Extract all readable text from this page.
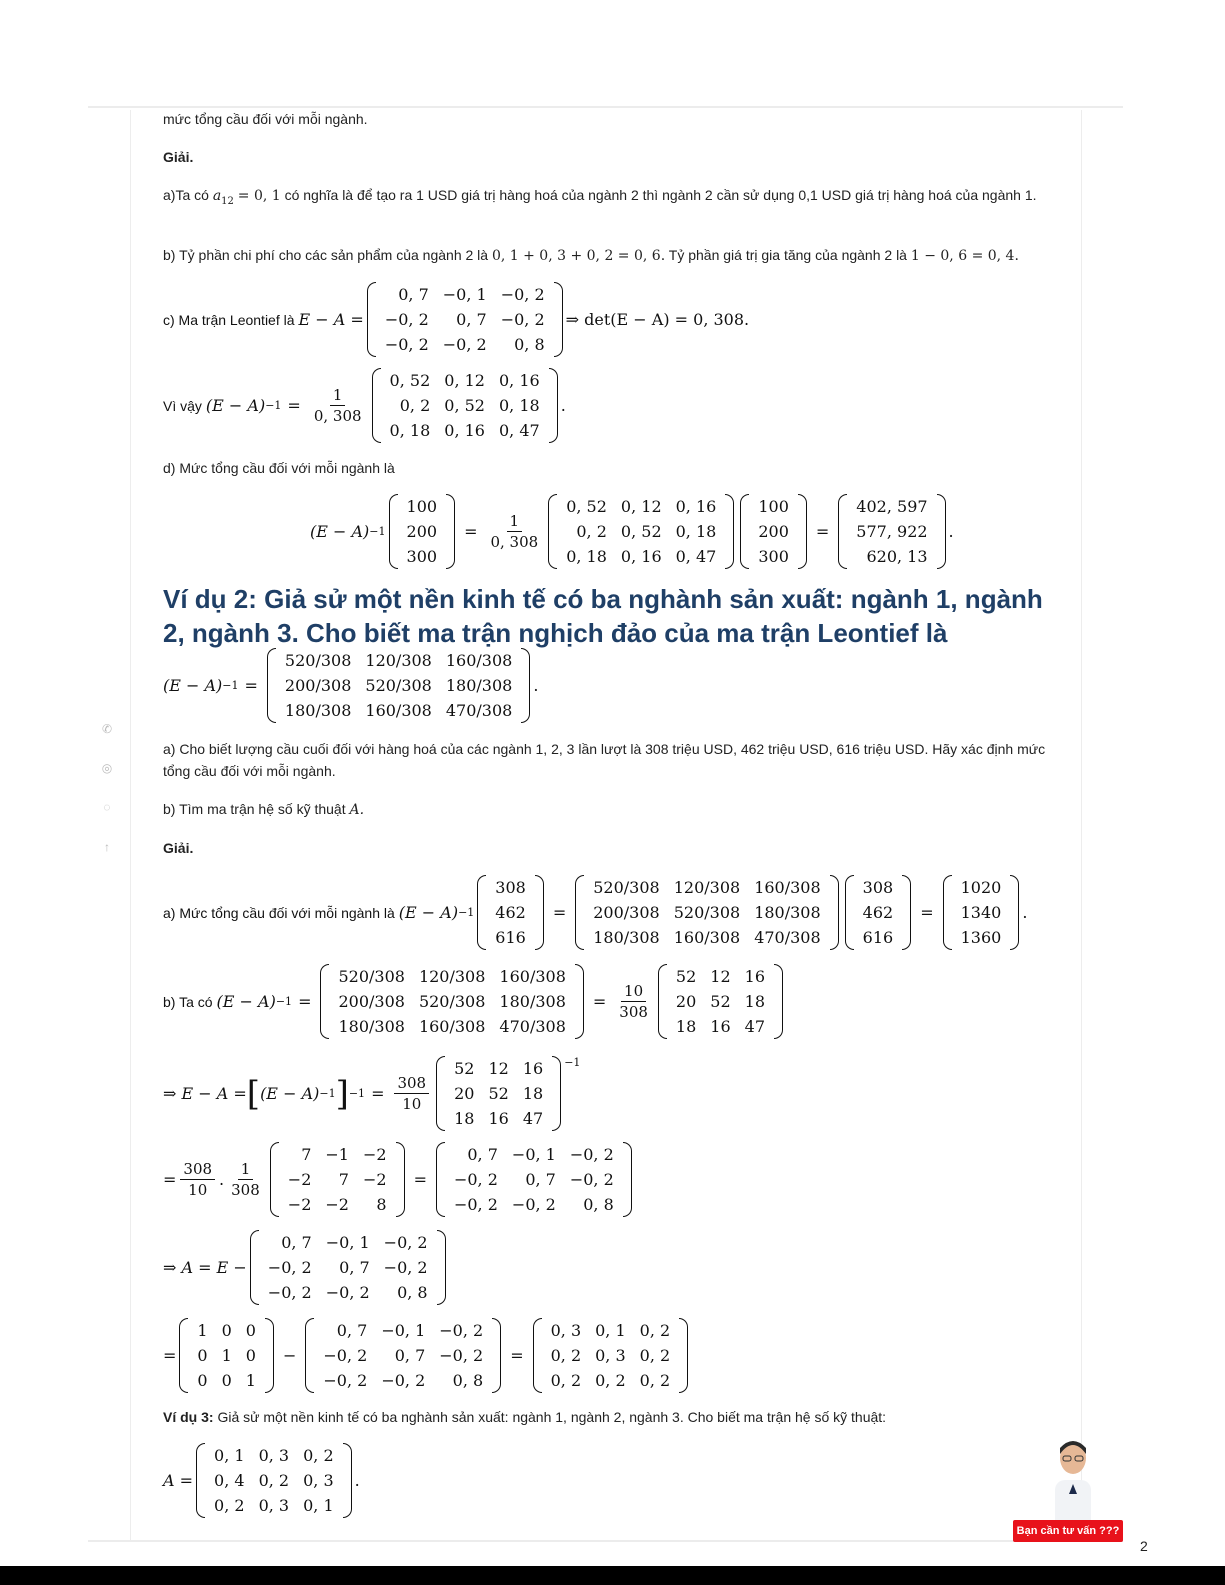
✆
◎
◌
↑
mức tổng cầu đối với mỗi ngành.
Giải.
a)Ta có $a_{12} = 0$, 1 có nghĩa là để tạo ra 1 USD giá trị hàng hoá của ngành 2 thì ngành 2 cần sử dụng 0,1 USD giá trị hàng hoá của ngành 1.
b) Tỷ phần chi phí cho các sản phẩm của ngành 2 là 0, 1 + 0, 3 + 0, 2 = 0, 6. Tỷ phần giá trị gia tăng của ngành 2 là 1 − 0, 6 = 0, 4.
c) Ma trận Leontief là E − A =
0, 7	−0, 1	−0, 2
−0, 2	0, 7	−0, 2
−0, 2	−0, 2	0, 8
⇒ det(E − A) = 0, 308.
Vì vậy $(E - A) -1 = \frac{1}{0, 308}$
0, 52	0, 12	0, 16
0, 2	0, 52	0, 18
0, 18	0, 16	0, 47
.
d) Mức tổng cầu đối với mỗi ngành là
(E − A) −1
100
200
300
= $\frac{1}{0, 308}$
0, 52	0, 12	0, 16
0, 2	0, 52	0, 18
0, 18	0, 16	0, 47
100
200
300
=
402, 597
577, 922
620, 13
.
Ví dụ 2: Giả sử một nền kinh tế có ba nghành sản xuất: ngành 1, ngành 2, ngành 3. Cho biết ma trận nghịch đảo của ma trận Leontief là
(E − A) −1 =
520/308	120/308	160/308
200/308	520/308	180/308
180/308	160/308	470/308
.
a) Cho biết lượng cầu cuối đối với hàng hoá của các ngành 1, 2, 3 lần lượt là 308 triệu USD, 462 triệu USD, 616 triệu USD. Hãy xác định mức tổng cầu đối với mỗi ngành.
b) Tìm ma trận hệ số kỹ thuật A.
Giải.
a) Mức tổng cầu đối với mỗi ngành là (E − A) −1
308
462
616
=
520/308	120/308	160/308
200/308	520/308	180/308
180/308	160/308	470/308
308
462
616
=
1020
1340
1360
.
b) Ta có (E − A) −1 =
520/308	120/308	160/308
200/308	520/308	180/308
180/308	160/308	470/308
= $\frac{10}{308}$
52	12	16
20	52	18
18	16	47
⇒ E − A = [ (E − A) −1 ] $-1 = \frac{308}{10}$
52	12	16
20	52	18
18	16	47
$^{-1}$
= $\frac{308}{10}$ . $\frac{1}{308}$
7	−1	−2
−2	7	−2
−2	−2	8
=
0, 7	−0, 1	−0, 2
−0, 2	0, 7	−0, 2
−0, 2	−0, 2	0, 8
⇒ A = E −
0, 7	−0, 1	−0, 2
−0, 2	0, 7	−0, 2
−0, 2	−0, 2	0, 8
=
1	0	0
0	1	0
0	0	1
−
0, 7	−0, 1	−0, 2
−0, 2	0, 7	−0, 2
−0, 2	−0, 2	0, 8
=
0, 3	0, 1	0, 2
0, 2	0, 3	0, 2
0, 2	0, 2	0, 2
Ví dụ 3: Giả sử một nền kinh tế có ba nghành sản xuất: ngành 1, ngành 2, ngành 3. Cho biết ma trận hệ số kỹ thuật:
A =
0, 1	0, 3	0, 2
0, 4	0, 2	0, 3
0, 2	0, 3	0, 1
.
Bạn cần tư vấn ???
2
